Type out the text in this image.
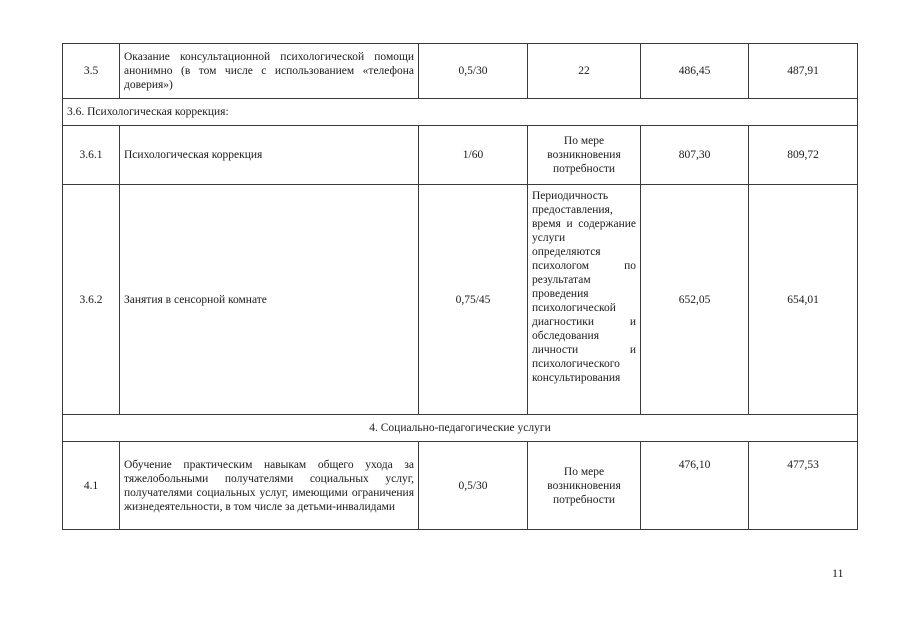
3.5	Оказание консультационной психологической помощи анонимно (в том числе с использованием «телефона доверия»)	0,5/30	22	486,45	487,91
3.6. Психологическая коррекция:					
3.6.1	Психологическая коррекция	1/60	По мере возникновения потребности	807,30	809,72
3.6.2	Занятия в сенсорной комнате	0,75/45	Периодичность предоставления, время и содержание услуги определяются психологом по результатам проведения психологической диагностики и обследования личности и психологического консультирования	652,05	654,01
4. Социально-педагогические услуги					
4.1	Обучение практическим навыкам общего ухода за тяжелобольными получателями социальных услуг, получателями социальных услуг, имеющими ограничения жизнедеятельности, в том числе за детьми-инвалидами	0,5/30	По мере возникновения потребности	476,10	477,53
11
